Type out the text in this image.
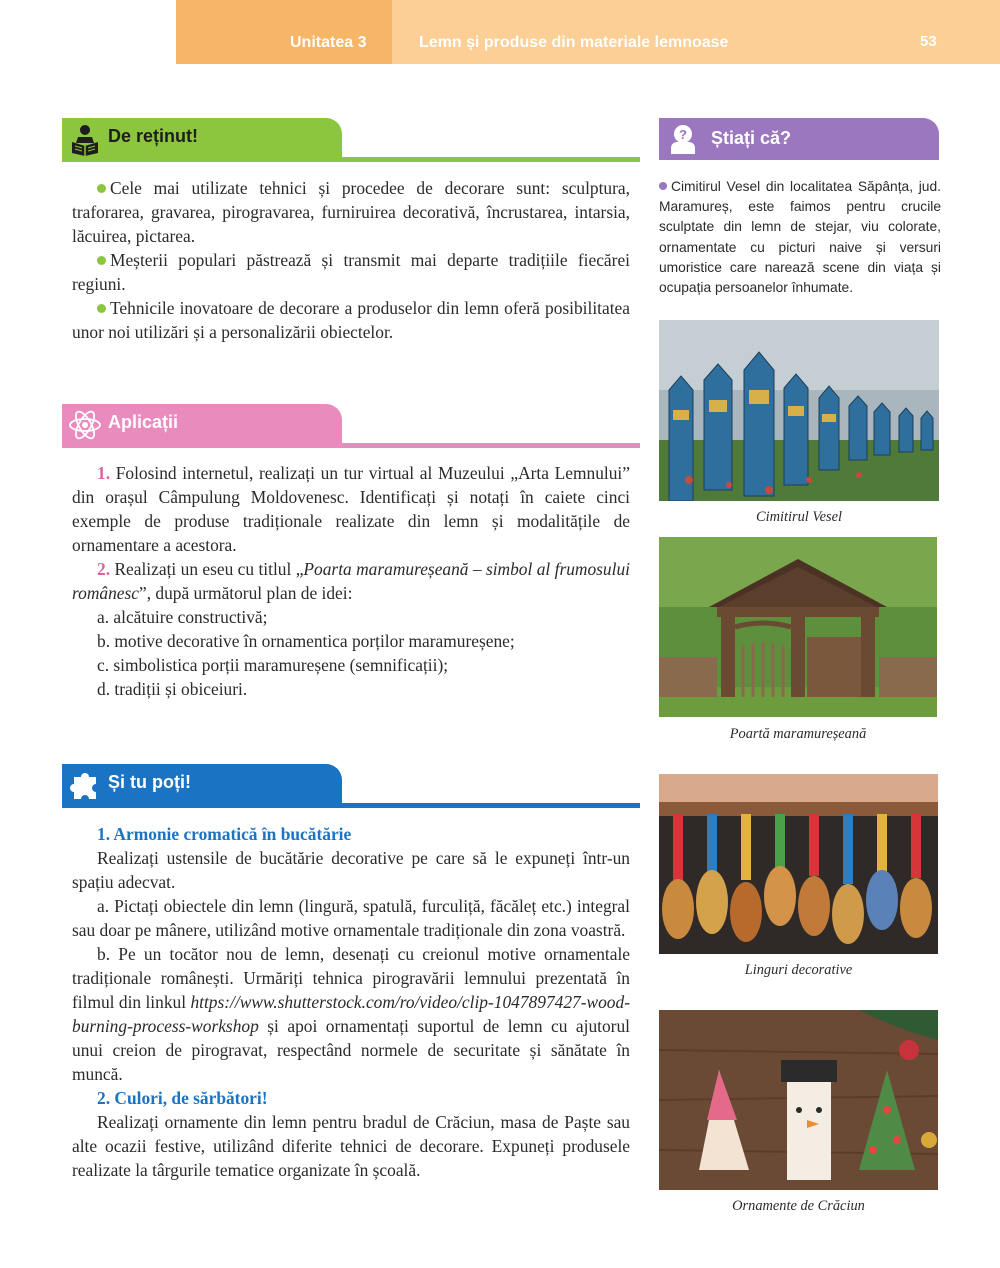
Unitatea 3	Lemn și produse din materiale lemnoase	53
De reținut!

Cele mai utilizate tehnici și procedee de decorare sunt: sculptura, traforarea, gravarea, pirogravarea, furniruirea decorativă, încrustarea, intarsia, lăcuirea, pictarea.

Meșterii populari păstrează și transmit mai departe tradițiile fiecărei regiuni.

Tehnicile inovatoare de decorare a produselor din lemn oferă posibilitatea unor noi utilizări și a personalizării obiectelor.

Aplicații

1. Folosind internetul, realizați un tur virtual al Muzeului „Arta Lemnului” din orașul Câmpulung Moldovenesc. Identificați și notați în caiete cinci exemple de produse tradiționale realizate din lemn și modalitățile de ornamentare a acestora.

2. Realizați un eseu cu titlul „Poarta maramureșeană – simbol al frumosului românesc”, după următorul plan de idei:

a. alcătuire constructivă;

b. motive decorative în ornamentica porților maramureșene;

c. simbolistica porții maramureșene (semnificații);

d. tradiții și obiceiuri.

Și tu poți!

1. Armonie cromatică în bucătărie

Realizați ustensile de bucătărie decorative pe care să le expuneți într-un spațiu adecvat.

a. Pictați obiectele din lemn (lingură, spatulă, furculiță, făcăleț etc.) integral sau doar pe mânere, utilizând motive ornamentale tradiționale din zona voastră.

b. Pe un tocător nou de lemn, desenați cu creionul motive ornamentale tradiționale românești. Urmăriți tehnica pirogravării lemnului prezentată în filmul din linkul https://www.shutterstock.com/ro/video/clip-1047897427-wood-burning-process-workshop și apoi ornamentați suportul de lemn cu ajutorul unui creion de pirogravat, respectând normele de securitate și sănătate în muncă.

2. Culori, de sărbători!

Realizați ornamente din lemn pentru bradul de Crăciun, masa de Paște sau alte ocazii festive, utilizând diferite tehnici de decorare. Expuneți produsele realizate la târgurile tematice organizate în școală.

? Știați că?
Cimitirul Vesel din localitatea Săpânța, jud. Maramureș, este faimos pentru crucile sculptate din lemn de stejar, viu colorate, ornamentate cu picturi naive și versuri umoristice care narează scene din viața și ocupația persoanelor înhumate.
Cimitirul Vesel
Poartă maramureșeană
Linguri decorative
Ornamente de Crăciun
